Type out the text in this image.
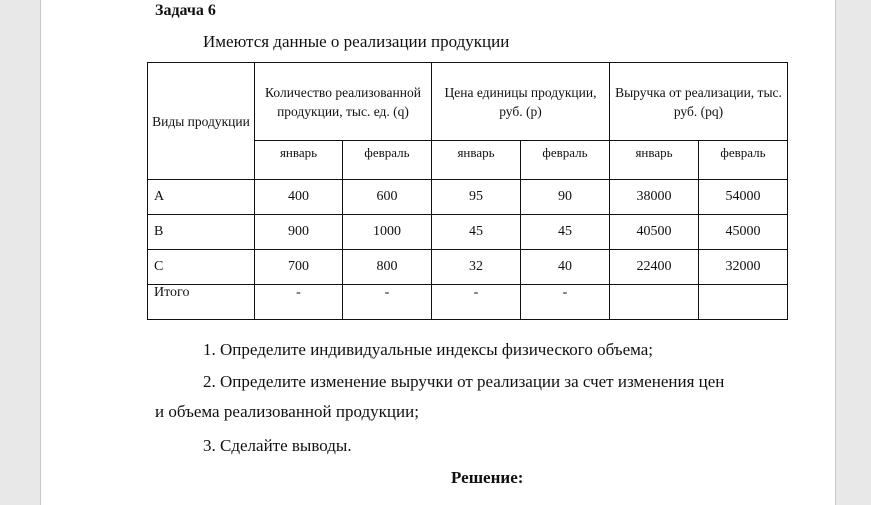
Задача 6
Имеются данные о реализации продукции
Виды продукции	Количество реализованной продукции, тыс. ед. (q)		Цена единицы продукции, руб. (p)		Выручка от реализации, тыс. руб. (pq)	
	январь	февраль	январь	февраль	январь	февраль
A	400	600	95	90	38000	54000
B	900	1000	45	45	40500	45000
C	700	800	32	40	22400	32000
Итого	-	-	-	-		
1. Определите индивидуальные индексы физического объема;
2. Определите изменение выручки от реализации за счет изменения цен
и объема реализованной продукции;
3. Сделайте выводы.
Решение:
